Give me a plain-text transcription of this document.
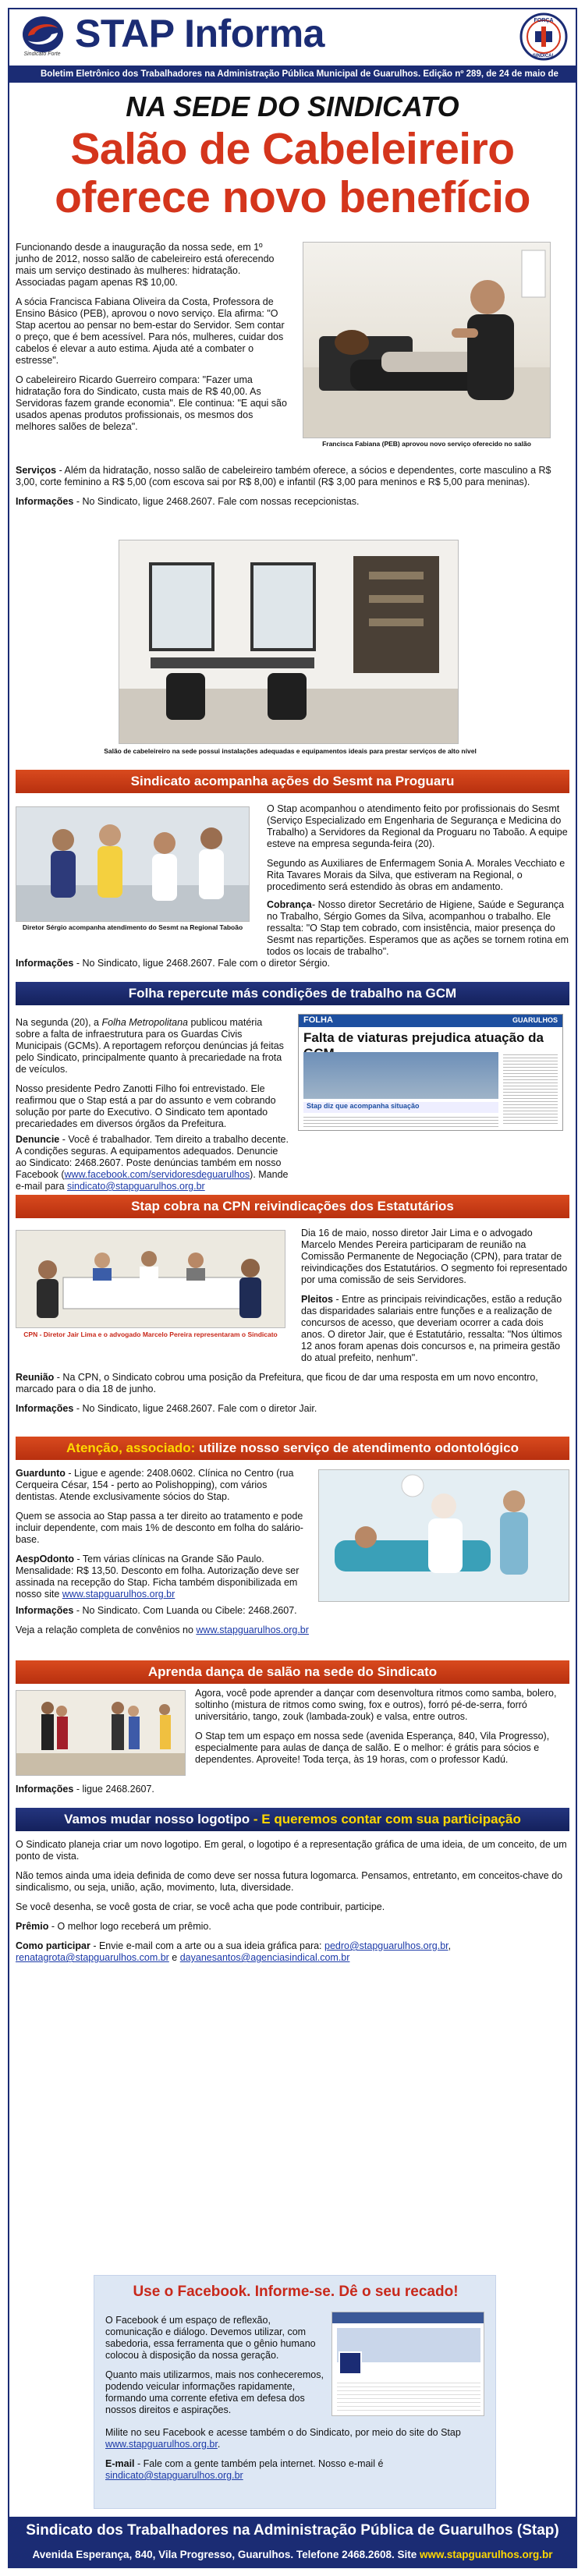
Sindicato Forte STAP Informa	FORÇA
SINDICAL
Boletim Eletrônico dos Trabalhadores na Administração Pública Municipal de Guarulhos. Edição nº 289, de 24 de maio de 2013	NA SEDE DO SINDICATO
Salão de Cabeleireiro
oferece novo benefício

Funcionando desde a inauguração da nossa sede, em 1º junho de 2012, nosso salão de cabeleireiro está oferecendo mais um serviço destinado às mulheres: hidratação. Associadas pagam apenas R$ 10,00.

A sócia Francisca Fabiana Oliveira da Costa, Professora de Ensino Básico (PEB), aprovou o novo serviço. Ela afirma: "O Stap acertou ao pensar no bem-estar do Servidor. Sem contar o preço, que é bem acessível. Para nós, mulheres, cuidar dos cabelos é elevar a auto estima. Ajuda até a combater o estresse".

O cabeleireiro Ricardo Guerreiro compara: "Fazer uma hidratação fora do Sindicato, custa mais de R$ 40,00. As Servidoras fazem grande economia". Ele continua: "E aqui são usados apenas produtos profissionais, os mesmos dos melhores salões de beleza".

Francisca Fabiana (PEB) aprovou novo serviço oferecido no salão

Serviços - Além da hidratação, nosso salão de cabeleireiro também oferece, a sócios e dependentes, corte masculino a R$ 3,00, corte feminino a R$ 5,00 (com escova sai por R$ 8,00) e infantil (R$ 3,00 para meninos e R$ 5,00 para meninas).

Informações - No Sindicato, ligue 2468.2607. Fale com nossas recepcionistas.

Salão de cabeleireiro na sede possui instalações adequadas e equipamentos ideais para prestar serviços de alto nível
Sindicato acompanha ações do Sesmt na Proguaru
Diretor Sérgio acompanha atendimento do Sesmt na Regional Taboão

O Stap acompanhou o atendimento feito por profissionais do Sesmt (Serviço Especializado em Engenharia de Segurança e Medicina do Trabalho) a Servidores da Regional da Proguaru no Taboão. A equipe esteve na empresa segunda-feira (20).

Segundo as Auxiliares de Enfermagem Sonia A. Morales Vecchiato e Rita Tavares Morais da Silva, que estiveram na Regional, o procedimento será estendido às obras em andamento.

Cobrança - Nosso diretor Secretário de Higiene, Saúde e Segurança no Trabalho, Sérgio Gomes da Silva, acompanhou o trabalho. Ele ressalta: "O Stap tem cobrado, com insistência, maior presença do Sesmt nas repartições. Esperamos que as ações se tornem rotina em todos os locais de trabalho".

Informações - No Sindicato, ligue 2468.2607. Fale com o diretor Sérgio.

Folha repercute más condições de trabalho na GCM

Na segunda (20), a Folha Metropolitana publicou matéria sobre a falta de infraestrutura para os Guardas Civis Municipais (GCMs). A reportagem reforçou denúncias já feitas pelo Sindicato, principalmente quanto à precariedade na frota de veículos.

Nosso presidente Pedro Zanotti Filho foi entrevistado. Ele reafirmou que o Stap está a par do assunto e vem cobrando solução por parte do Executivo. O Sindicato tem apontado precariedades em diversos órgãos da Prefeitura.

FOLHA	GUARULHOS
Falta de viaturas prejudica atuação da
Stap diz que acompanha situação

Denuncie - Você é trabalhador. Tem direito a trabalho decente. A condições seguras. A equipamentos adequados. Denuncie ao Sindicato: 2468.2607. Poste denúncias também em nosso Facebook (www.facebook.com/servidoresdeguarulhos). Mande e-mail para sindicato@stapguarulhos.org.br

Stap cobra na CPN reivindicações dos Estatutários
CPN - Diretor Jair Lima e o advogado Marcelo Pereira representaram o Sindicato

Dia 16 de maio, nosso diretor Jair Lima e o advogado Marcelo Mendes Pereira participaram de reunião na Comissão Permanente de Negociação (CPN), para tratar de reivindicações dos Estatutários. O segmento foi representado por uma comissão de seis Servidores.

Pleitos - Entre as principais reivindicações, estão a redução das disparidades salariais entre funções e a realização de concursos de acesso, que deveriam ocorrer a cada dois anos. O diretor Jair, que é Estatutário, ressalta: "Nos últimos 12 anos foram apenas dois concursos e, na primeira gestão do atual prefeito, nenhum".

Reunião - Na CPN, o Sindicato cobrou uma posição da Prefeitura, que ficou de dar uma resposta em um novo encontro, marcado para o dia 18 de junho.

Informações - No Sindicato, ligue 2468.2607. Fale com o diretor Jair.

Atenção, associado: utilize nosso serviço de atendimento odontológico

Guardunto - Ligue e agende: 2408.0602. Clínica no Centro (rua Cerqueira César, 154 - perto ao Polishopping), com vários dentistas. Atende exclusivamente sócios do Stap.

Quem se associa ao Stap passa a ter direito ao tratamento e pode incluir dependente, com mais 1% de desconto em folha do salário-base.

AespOdonto - Tem várias clínicas na Grande São Paulo. Mensalidade: R$ 13,50. Desconto em folha. Autorização deve ser assinada na recepção do Stap. Ficha também disponibilizada em nosso site www.stapguarulhos.org.br

Informações - No Sindicato. Com Luanda ou Cibele: 2468.2607.

Veja a relação completa de convênios no www.stapguarulhos.org.br

Aprenda dança de salão na sede do Sindicato

Agora, você pode aprender a dançar com desenvoltura ritmos como samba, bolero, soltinho (mistura de ritmos como swing, fox e outros), forró pé-de-serra, forró universitário, tango, zouk (lambada-zouk) e valsa, entre outros.

O Stap tem um espaço em nossa sede (avenida Esperança, 840, Vila Progresso), especialmente para aulas de dança de salão. E o melhor: é grátis para sócios e dependentes. Aproveite! Toda terça, às 19 horas, com o professor Kadú.

Informações - ligue 2468.2607.

Vamos mudar nosso logotipo - E queremos contar com sua participação

O Sindicato planeja criar um novo logotipo. Em geral, o logotipo é a representação gráfica de uma ideia, de um conceito, de um ponto de vista.

Não temos ainda uma ideia definida de como deve ser nossa futura logomarca. Pensamos, entretanto, em conceitos-chave do sindicalismo, ou seja, união, ação, movimento, luta, diversidade.

Se você desenha, se você gosta de criar, se você acha que pode contribuir, participe.

Prêmio - O melhor logo receberá um prêmio.

Como participar - Envie e-mail com a arte ou a sua ideia gráfica para: pedro@stapguarulhos.org.br, renatagrota@stapguarulhos.com.br e dayanesantos@agenciasindical.com.br

Use o Facebook. Informe-se. Dê o seu recado!

O Facebook é um espaço de reflexão, comunicação e diálogo. Devemos utilizar, com sabedoria, essa ferramenta que o gênio humano colocou à disposição da nossa geração.

Quanto mais utilizarmos, mais nos conheceremos, podendo veicular informações rapidamente, formando uma corrente efetiva em defesa dos nossos direitos e aspirações.

Milite no seu Facebook e acesse também o do Sindicato, por meio do site do Stap www.stapguarulhos.org.br.

E-mail - Fale com a gente também pela internet. Nosso e-mail é sindicato@stapguarulhos.org.br

Sindicato dos Trabalhadores na Administração Pública de Guarulhos (Stap)
Avenida Esperança, 840, Vila Progresso, Guarulhos. Telefone 2468.2608. Site www.stapguarulhos.org.br
